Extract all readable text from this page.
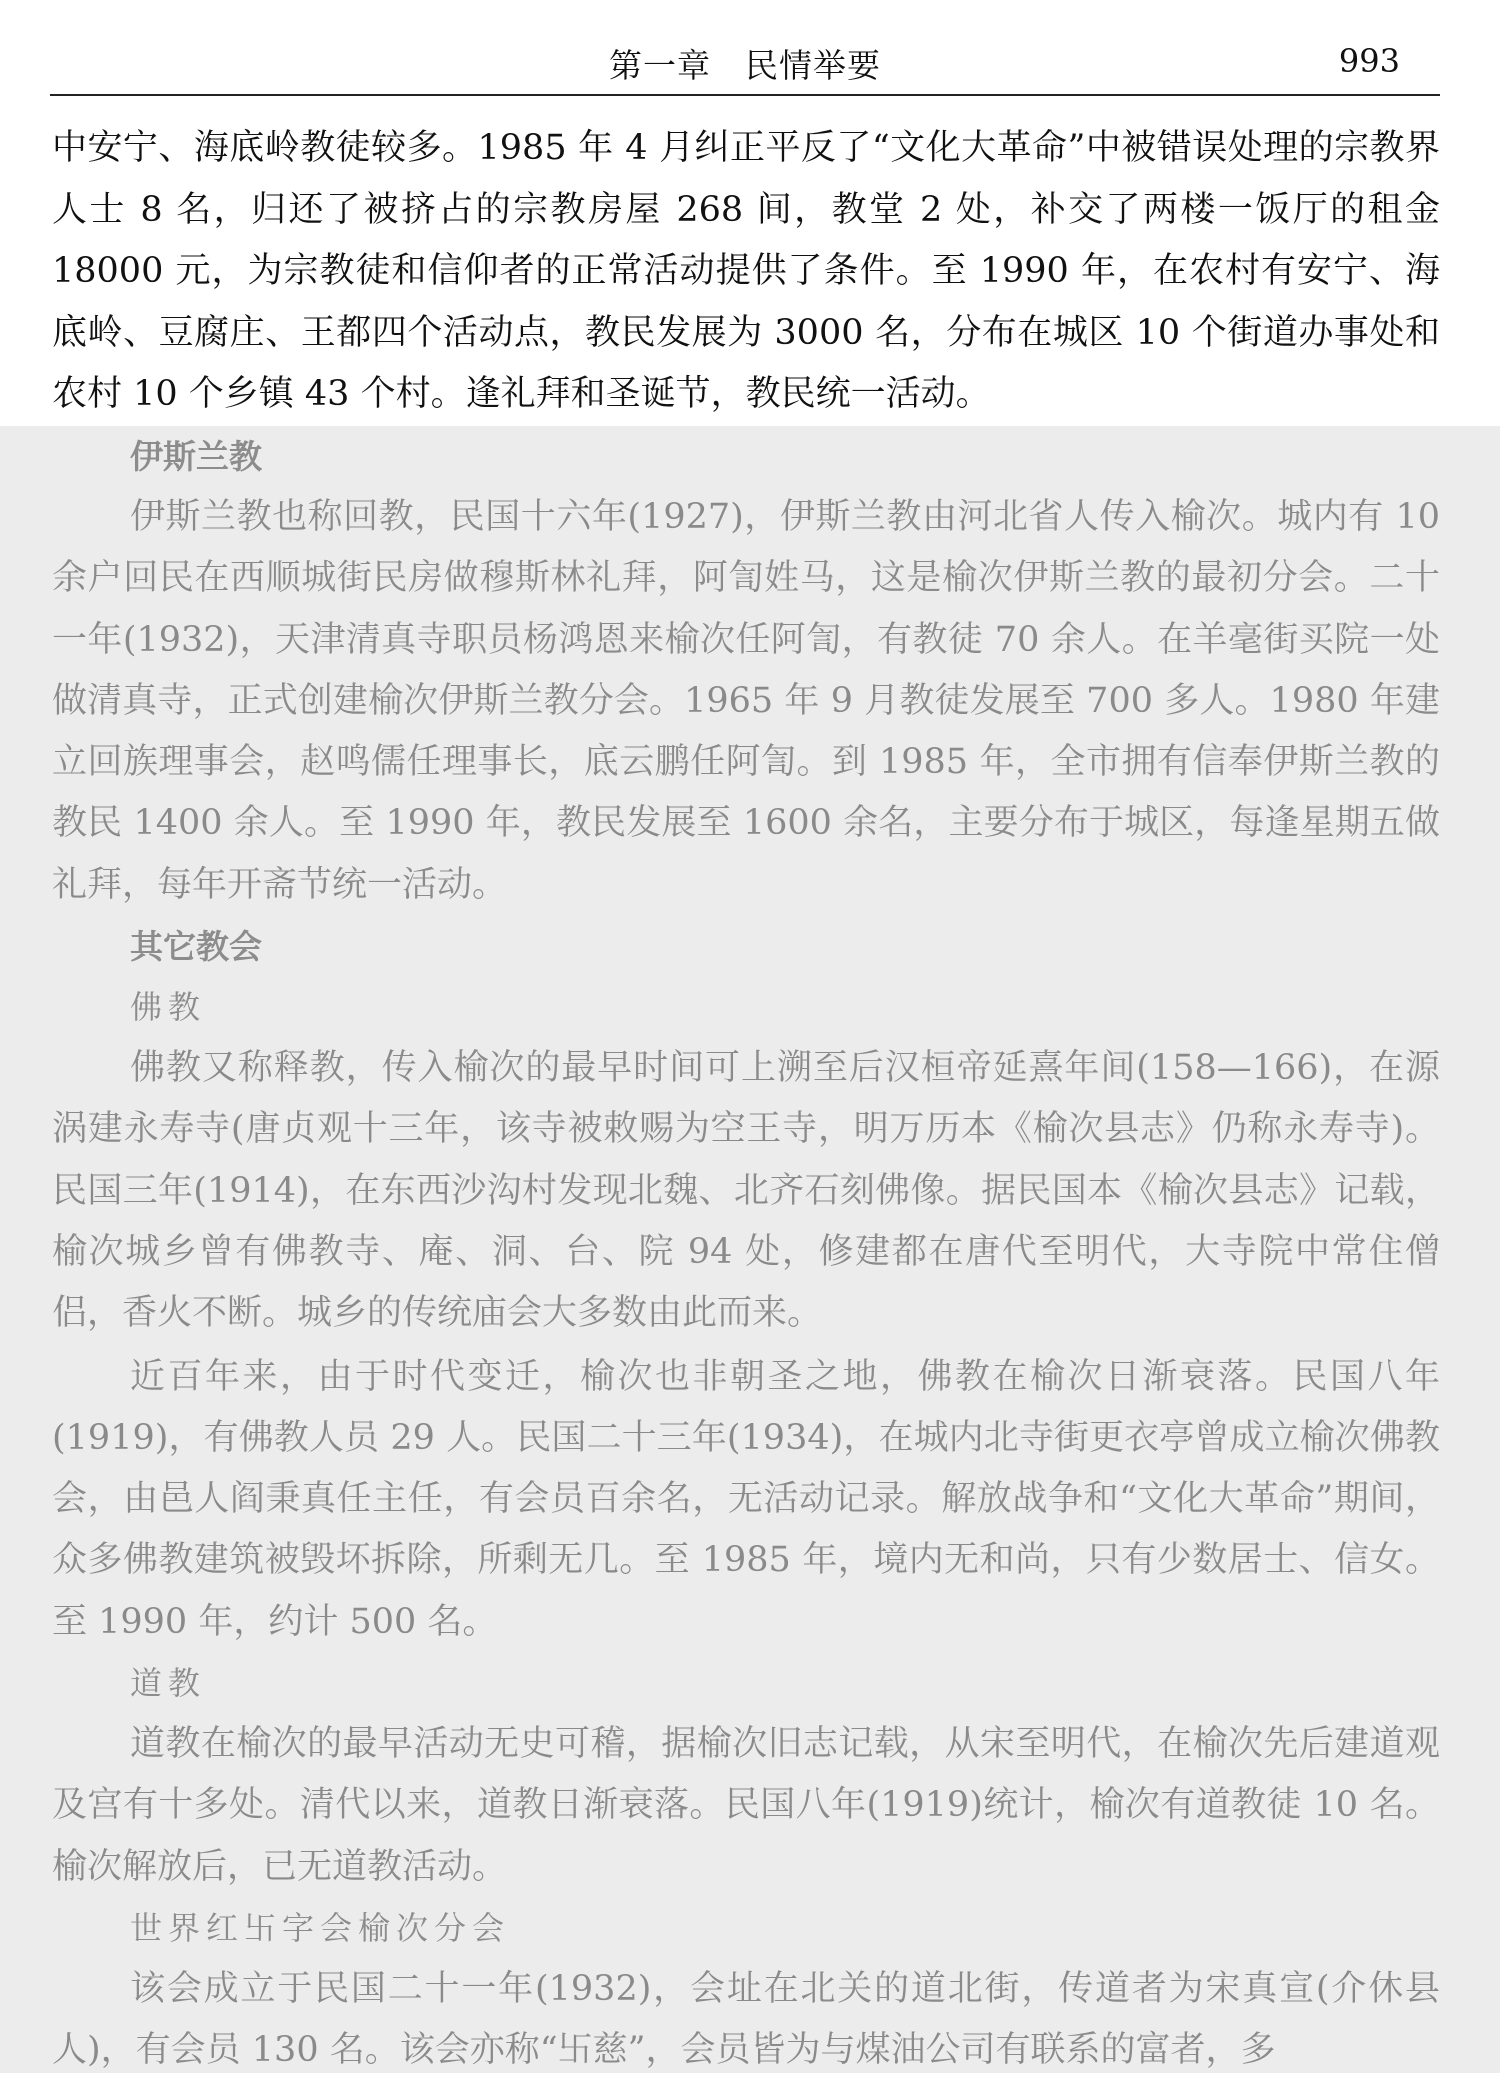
第一章　民情举要	993

中安宁、海底岭教徒较多。1985 年 4 月纠正平反了“文化大革命”中被错误处理的宗教界人士 8 名，归还了被挤占的宗教房屋 268 间，教堂 2 处，补交了两楼一饭厅的租金 18000 元，为宗教徒和信仰者的正常活动提供了条件。至 1990 年，在农村有安宁、海底岭、豆腐庄、王都四个活动点，教民发展为 3000 名，分布在城区 10 个街道办事处和农村 10 个乡镇 43 个村。逢礼拜和圣诞节，教民统一活动。

伊斯兰教

伊斯兰教也称回教，民国十六年(1927)，伊斯兰教由河北省人传入榆次。城内有 10 余户回民在西顺城街民房做穆斯林礼拜，阿訇姓马，这是榆次伊斯兰教的最初分会。二十一年(1932)，天津清真寺职员杨鸿恩来榆次任阿訇，有教徒 70 余人。在羊毫街买院一处做清真寺，正式创建榆次伊斯兰教分会。1965 年 9 月教徒发展至 700 多人。1980 年建立回族理事会，赵鸣儒任理事长，底云鹏任阿訇。到 1985 年，全市拥有信奉伊斯兰教的教民 1400 余人。至 1990 年，教民发展至 1600 余名，主要分布于城区，每逢星期五做礼拜，每年开斋节统一活动。

其它教会
佛教

佛教又称释教，传入榆次的最早时间可上溯至后汉桓帝延熹年间(158—166)，在源涡建永寿寺(唐贞观十三年，该寺被敕赐为空王寺，明万历本《榆次县志》仍称永寿寺)。民国三年(1914)，在东西沙沟村发现北魏、北齐石刻佛像。据民国本《榆次县志》记载，榆次城乡曾有佛教寺、庵、洞、台、院 94 处，修建都在唐代至明代，大寺院中常住僧侣，香火不断。城乡的传统庙会大多数由此而来。

近百年来，由于时代变迁，榆次也非朝圣之地，佛教在榆次日渐衰落。民国八年(1919)，有佛教人员 29 人。民国二十三年(1934)，在城内北寺街更衣亭曾成立榆次佛教会，由邑人阎秉真任主任，有会员百余名，无活动记录。解放战争和“文化大革命”期间，众多佛教建筑被毁坏拆除，所剩无几。至 1985 年，境内无和尚，只有少数居士、信女。至 1990 年，约计 500 名。

道教

道教在榆次的最早活动无史可稽，据榆次旧志记载，从宋至明代，在榆次先后建道观及宫有十多处。清代以来，道教日渐衰落。民国八年(1919)统计，榆次有道教徒 10 名。榆次解放后，已无道教活动。

世界红卐字会榆次分会

该会成立于民国二十一年(1932)，会址在北关的道北街，传道者为宋真宣(介休县人)，有会员 130 名。该会亦称“卐慈”，会员皆为与煤油公司有联系的富者，多
